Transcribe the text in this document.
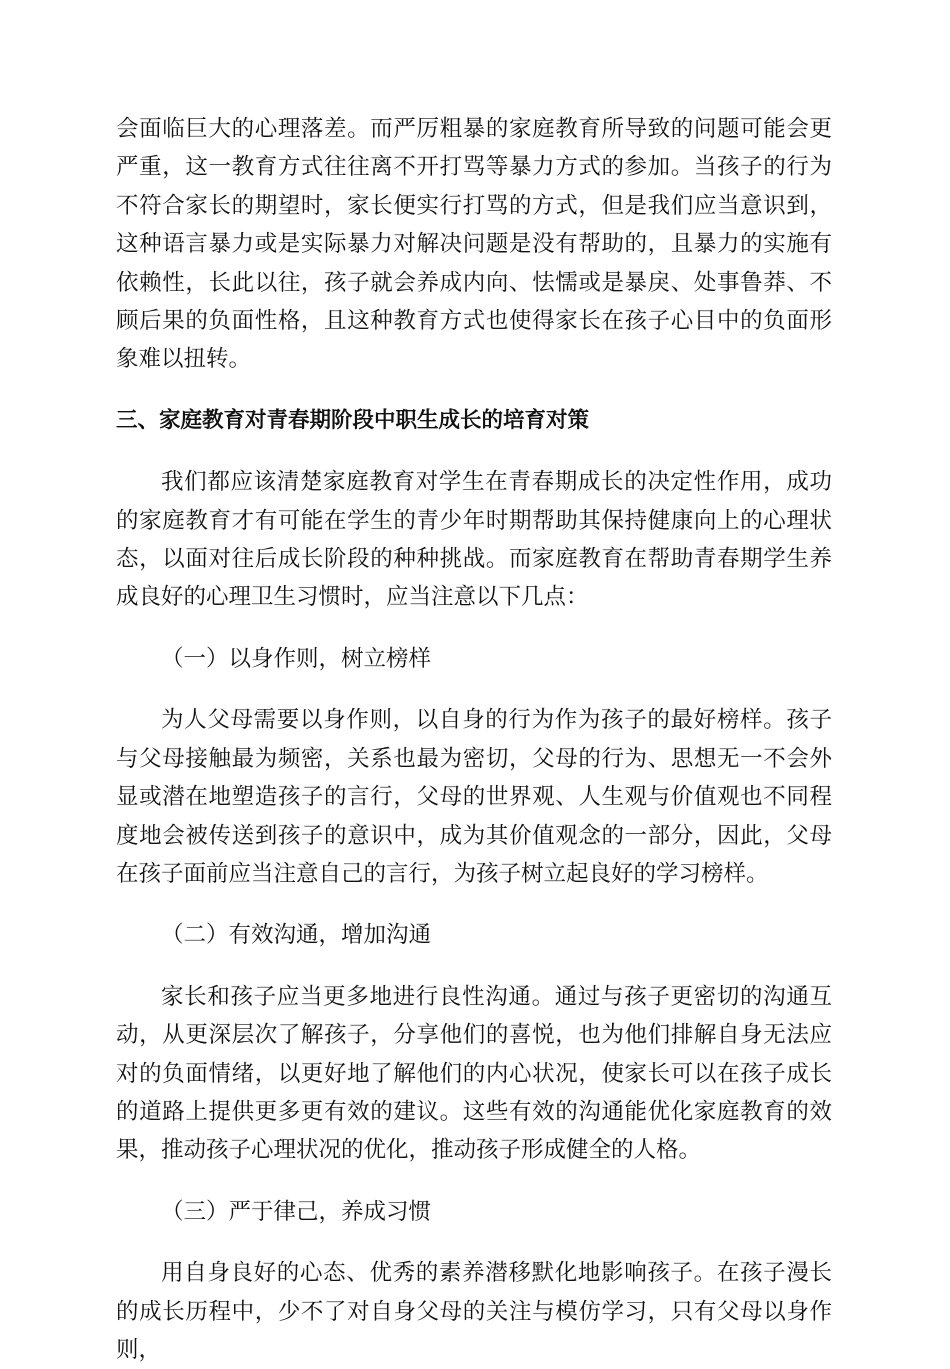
会面临巨大的心理落差。而严厉粗暴的家庭教育所导致的问题可能会更严重，这一教育方式往往离不开打骂等暴力方式的参加。当孩子的行为不符合家长的期望时，家长便实行打骂的方式，但是我们应当意识到，这种语言暴力或是实际暴力对解决问题是没有帮助的，且暴力的实施有依赖性，长此以往，孩子就会养成内向、怯懦或是暴戾、处事鲁莽、不顾后果的负面性格，且这种教育方式也使得家长在孩子心目中的负面形象难以扭转。

三、家庭教育对青春期阶段中职生成长的培育对策

我们都应该清楚家庭教育对学生在青春期成长的决定性作用，成功的家庭教育才有可能在学生的青少年时期帮助其保持健康向上的心理状态，以面对往后成长阶段的种种挑战。而家庭教育在帮助青春期学生养成良好的心理卫生习惯时，应当注意以下几点：

（一）以身作则，树立榜样

为人父母需要以身作则，以自身的行为作为孩子的最好榜样。孩子与父母接触最为频密，关系也最为密切，父母的行为、思想无一不会外显或潜在地塑造孩子的言行，父母的世界观、人生观与价值观也不同程度地会被传送到孩子的意识中，成为其价值观念的一部分，因此，父母在孩子面前应当注意自己的言行，为孩子树立起良好的学习榜样。

（二）有效沟通，增加沟通

家长和孩子应当更多地进行良性沟通。通过与孩子更密切的沟通互动，从更深层次了解孩子，分享他们的喜悦，也为他们排解自身无法应对的负面情绪，以更好地了解他们的内心状况，使家长可以在孩子成长的道路上提供更多更有效的建议。这些有效的沟通能优化家庭教育的效果，推动孩子心理状况的优化，推动孩子形成健全的人格。

（三）严于律己，养成习惯

用自身良好的心态、优秀的素养潜移默化地影响孩子。在孩子漫长的成长历程中，少不了对自身父母的关注与模仿学习，只有父母以身作则，
